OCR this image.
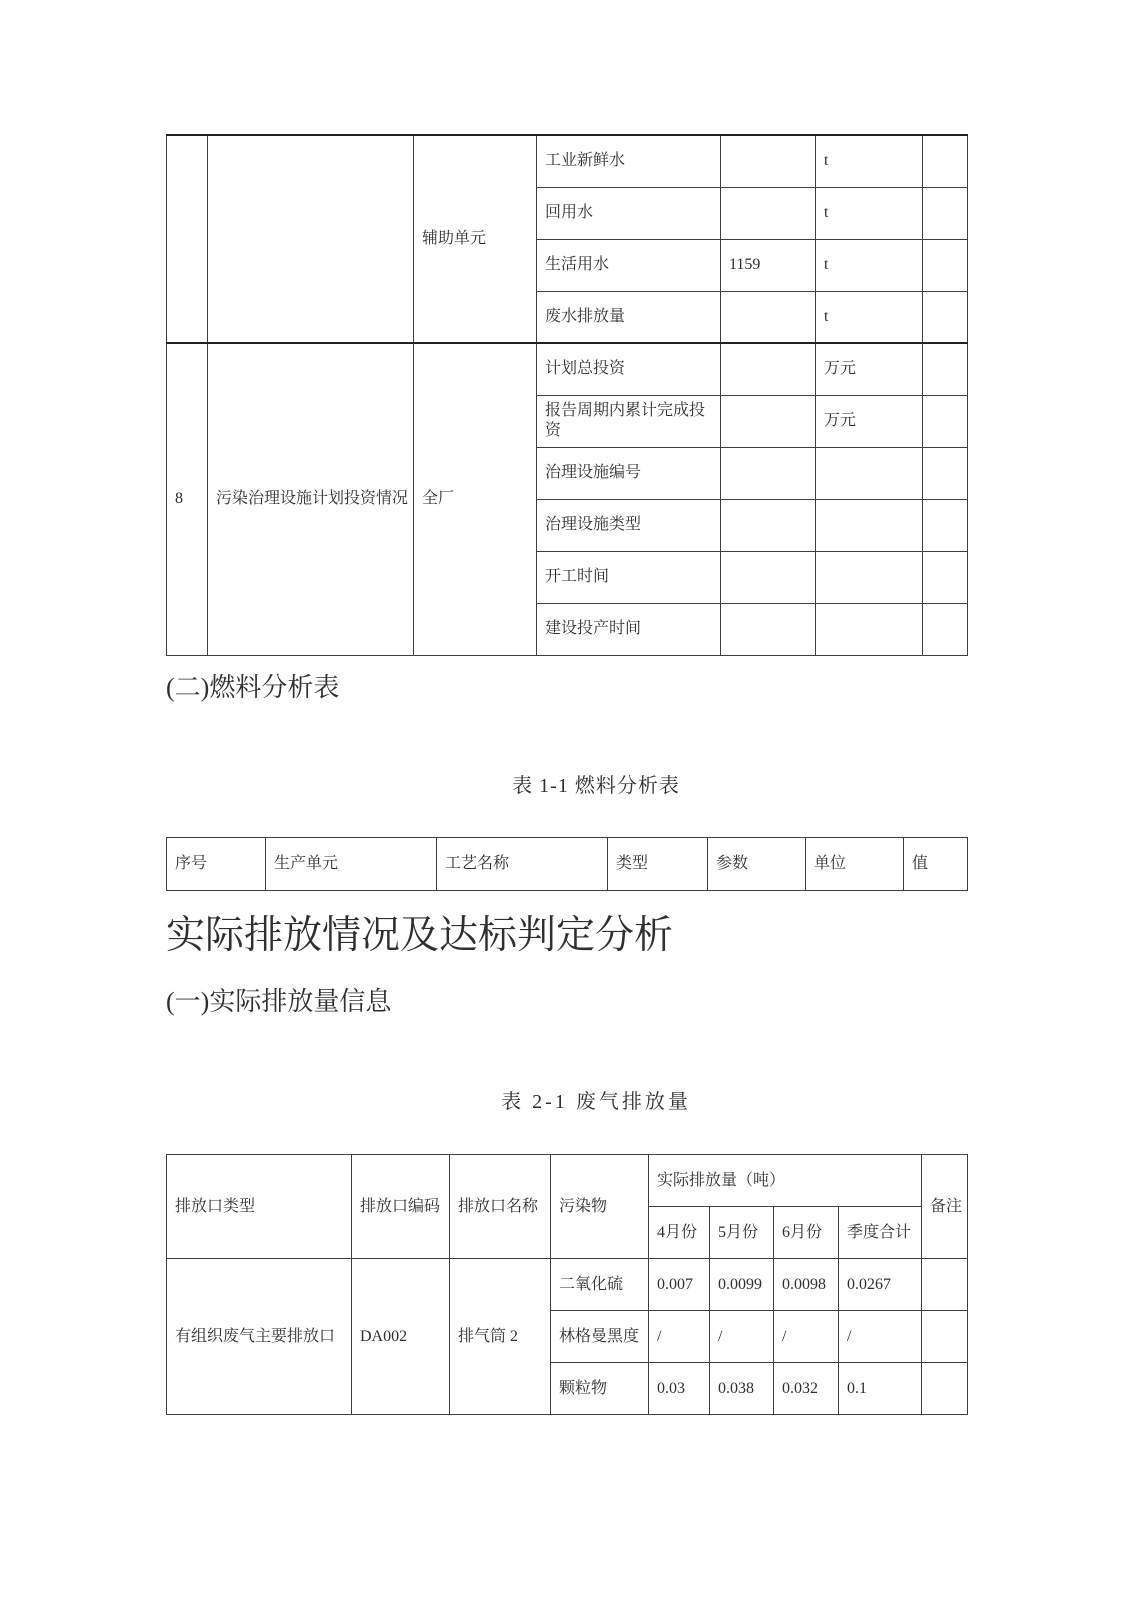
		辅助单元	工业新鲜水		t	
			回用水		t	
			生活用水	1159	t	
			废水排放量		t	
8	污染治理设施计划投资情况	全厂	计划总投资		万元	
			报告周期内累计完成投资		万元	
			治理设施编号			
			治理设施类型			
			开工时间			
			建设投产时间			
(二)燃料分析表
表 1-1 燃料分析表
序号	生产单元	工艺名称	类型	参数	单位	值
实际排放情况及达标判定分析
(一)实际排放量信息
表 2-1 废气排放量
排放口类型	排放口编码	排放口名称	污染物	实际排放量（吨）				备注
				4月份	5月份	6月份	季度合计	
有组织废气主要排放口	DA002	排气筒 2	二氧化硫	0.007	0.0099	0.0098	0.0267	
			林格曼黑度	/	/	/	/	
			颗粒物	0.03	0.038	0.032	0.1	
